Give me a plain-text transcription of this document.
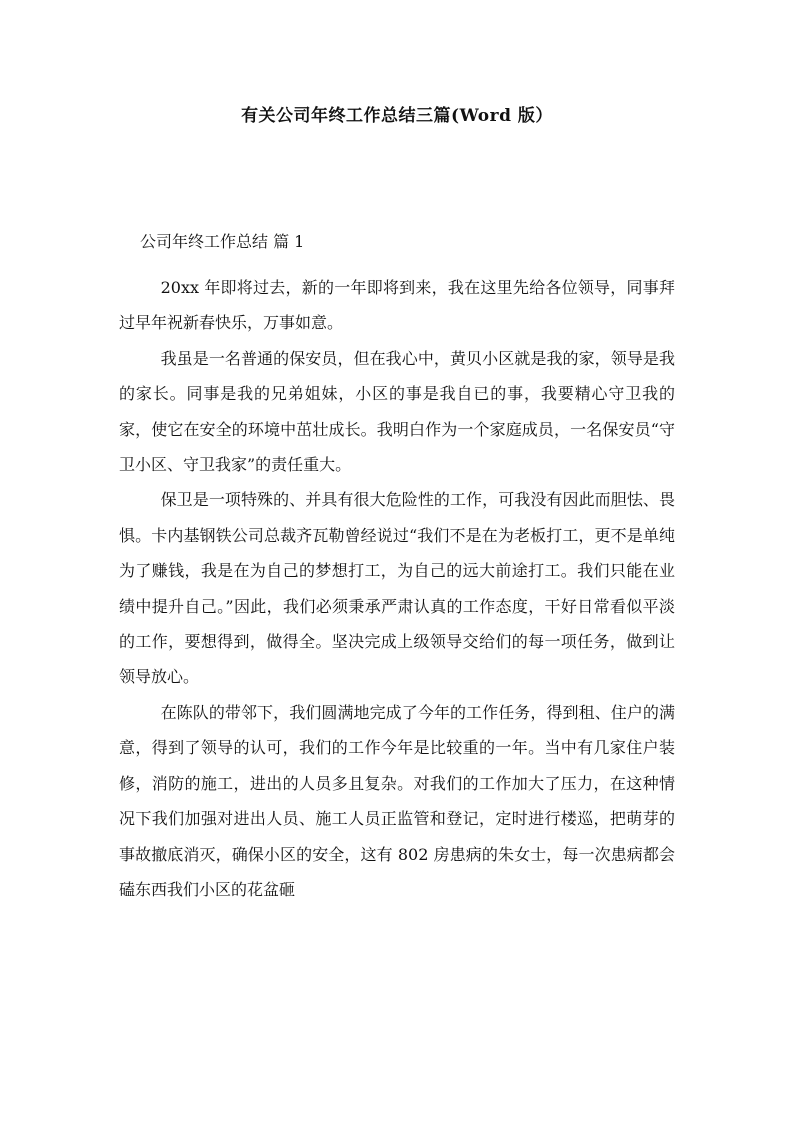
有关公司年终工作总结三篇(Word 版）
公司年终工作总结 篇 1

20xx 年即将过去，新的一年即将到来，我在这里先给各位领导，同事拜过早年祝新春快乐，万事如意。

我虽是一名普通的保安员，但在我心中，黄贝小区就是我的家，领导是我的家长。同事是我的兄弟姐妹，小区的事是我自已的事，我要精心守卫我的家，使它在安全的环境中茁壮成长。我明白作为一个家庭成员，一名保安员“守卫小区、守卫我家”的责任重大。

保卫是一项特殊的、并具有很大危险性的工作，可我没有因此而胆怯、畏惧。卡内基钢铁公司总裁齐瓦勒曾经说过“我们不是在为老板打工，更不是单纯为了赚钱，我是在为自己的梦想打工，为自己的远大前途打工。我们只能在业绩中提升自己。”因此，我们必须秉承严肃认真的工作态度，干好日常看似平淡的工作，要想得到，做得全。坚决完成上级领导交给们的每一项任务，做到让领导放心。

在陈队的带邻下，我们圆满地完成了今年的工作任务，得到租、住户的满意，得到了领导的认可，我们的工作今年是比较重的一年。当中有几家住户装修，消防的施工，进出的人员多且复杂。对我们的工作加大了压力，在这种情况下我们加强对进出人员、施工人员正监管和登记，定时进行楼巡，把萌芽的事故撤底消灭，确保小区的安全，这有 802 房患病的朱女士，每一次患病都会磕东西我们小区的花盆砸
